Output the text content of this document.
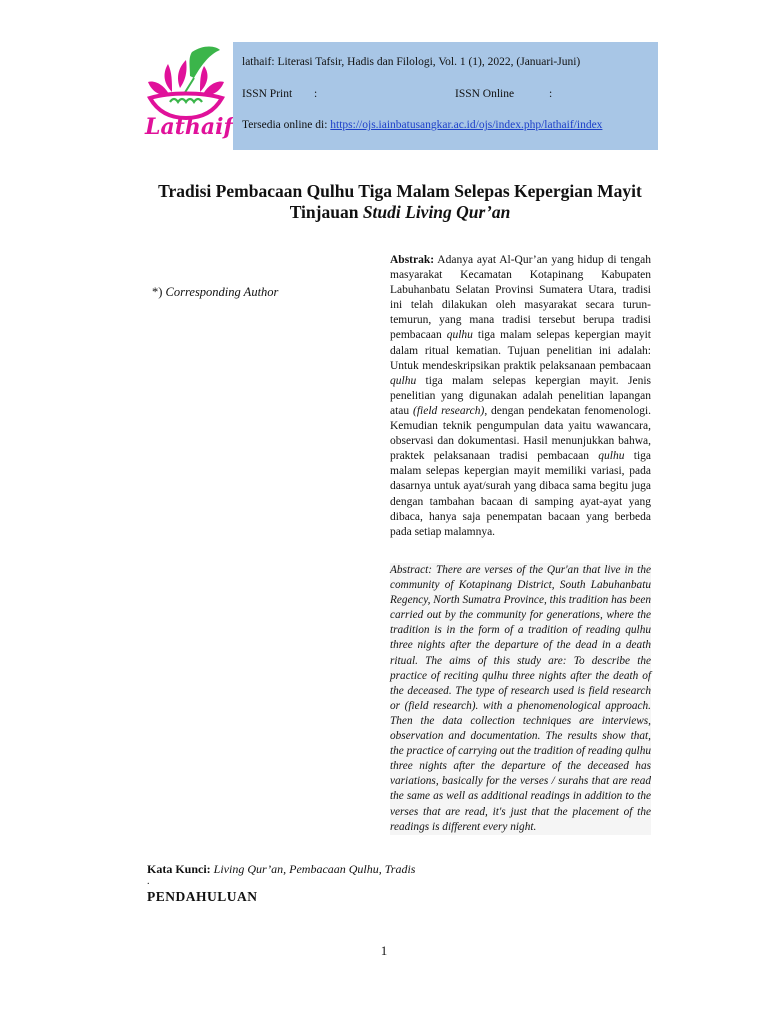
Lathaif
lathaif: Literasi Tafsir, Hadis dan Filologi, Vol. 1 (1), 2022, (Januari-Juni)
ISSN Print :	ISSN Online	:
Tersedia online di: https://ojs.iainbatusangkar.ac.id/ojs/index.php/lathaif/index
Tradisi Pembacaan Qulhu Tiga Malam Selepas Kepergian Mayit
Tinjauan Studi Living Qur’an
*) Corresponding Author
Abstrak: Adanya ayat Al-Qur’an yang hidup di tengah masyarakat Kecamatan Kotapinang Kabupaten Labuhanbatu Selatan Provinsi Sumatera Utara, tradisi ini telah dilakukan oleh masyarakat secara turun-temurun, yang mana tradisi tersebut berupa tradisi pembacaan qulhu tiga malam selepas kepergian mayit dalam ritual kematian. Tujuan penelitian ini adalah: Untuk mendeskripsikan praktik pelaksanaan pembacaan qulhu tiga malam selepas kepergian mayit. Jenis penelitian yang digunakan adalah penelitian lapangan atau (field research), dengan pendekatan fenomenologi. Kemudian teknik pengumpulan data yaitu wawancara, observasi dan dokumentasi. Hasil menunjukkan bahwa, praktek pelaksanaan tradisi pembacaan qulhu tiga malam selepas kepergian mayit memiliki variasi, pada dasarnya untuk ayat/surah yang dibaca sama begitu juga dengan tambahan bacaan di samping ayat-ayat yang dibaca, hanya saja penempatan bacaan yang berbeda pada setiap malamnya.
Abstract: There are verses of the Qur'an that live in the community of Kotapinang District, South Labuhanbatu Regency, North Sumatra Province, this tradition has been carried out by the community for generations, where the tradition is in the form of a tradition of reading qulhu three nights after the departure of the dead in a death ritual. The aims of this study are: To describe the practice of reciting qulhu three nights after the death of the deceased. The type of research used is field research or (field research). with a phenomenological approach. Then the data collection techniques are interviews, observation and documentation. The results show that, the practice of carrying out the tradition of reading qulhu three nights after the departure of the deceased has variations, basically for the verses / surahs that are read the same as well as additional readings in addition to the verses that are read, it's just that the placement of the readings is different every night.
Kata Kunci: Living Qur’an, Pembacaan Qulhu, Tradis
.
PENDAHULUAN
1
